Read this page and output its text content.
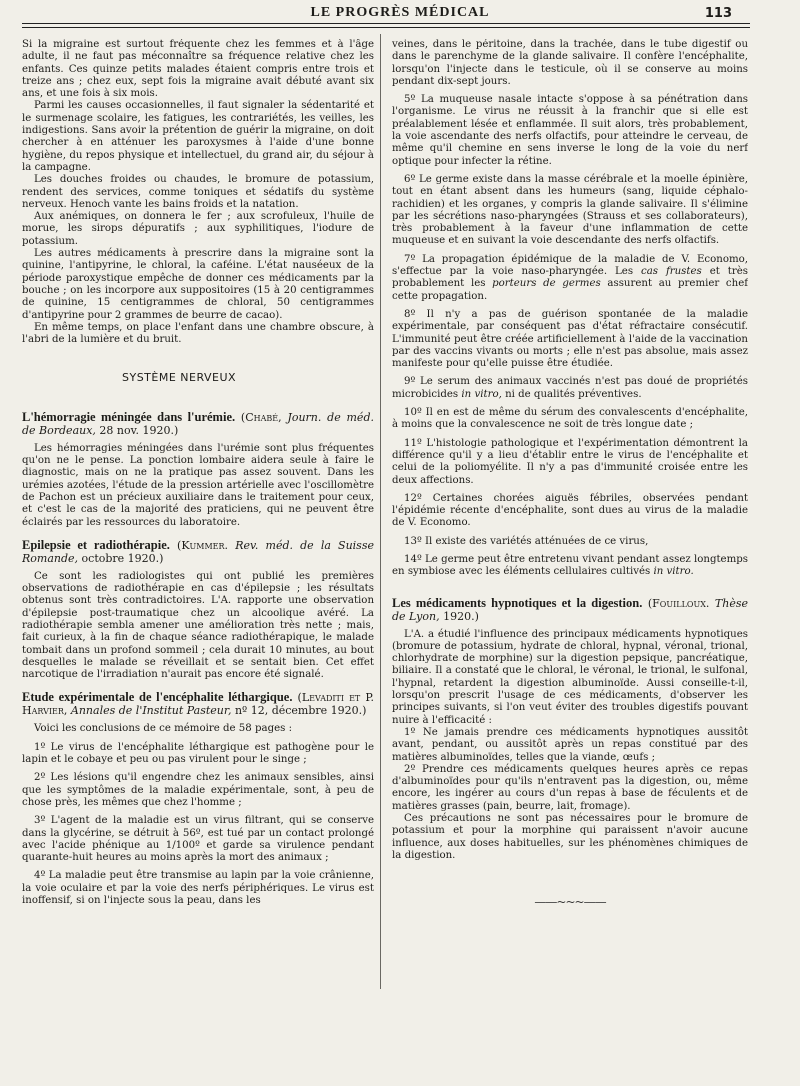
LE PROGRÈS MÉDICAL	113

Si la migraine est surtout fréquente chez les femmes et à l'âge adulte, il ne faut pas méconnaître sa fréquence relative chez les enfants. Ces quinze petits malades étaient compris entre trois et treize ans ; chez eux, sept fois la migraine avait débuté avant six ans, et une fois à six mois.

Parmi les causes occasionnelles, il faut signaler la sédentarité et le surmenage scolaire, les fatigues, les contrariétés, les veilles, les indigestions. Sans avoir la prétention de guérir la migraine, on doit chercher à en atténuer les paroxysmes à l'aide d'une bonne hygiène, du repos physique et intellectuel, du grand air, du séjour à la campagne.

Les douches froides ou chaudes, le bromure de potassium, rendent des services, comme toniques et sédatifs du système nerveux. Henoch vante les bains froids et la natation.

Aux anémiques, on donnera le fer ; aux scrofuleux, l'huile de morue, les sirops dépuratifs ; aux syphilitiques, l'iodure de potassium.

Les autres médicaments à prescrire dans la migraine sont la quinine, l'antipyrine, le chloral, la caféine. L'état nauséeux de la période paroxystique empêche de donner ces médicaments par la bouche ; on les incorpore aux suppositoires (15 à 20 centigrammes de quinine, 15 centigrammes de chloral, 50 centigrammes d'antipyrine pour 2 grammes de beurre de cacao).

En même temps, on place l'enfant dans une chambre obscure, à l'abri de la lumière et du bruit.

SYSTÈME NERVEUX
L'hémorragie méningée dans l'urémie. (Chabé, Journ. de méd. de Bordeaux, 28 nov. 1920.)

Les hémorragies méningées dans l'urémie sont plus fréquentes qu'on ne le pense. La ponction lombaire aidera seule à faire le diagnostic, mais on ne la pratique pas assez souvent. Dans les urémies azotées, l'étude de la pression artérielle avec l'oscillomètre de Pachon est un précieux auxiliaire dans le traitement pour ceux, et c'est le cas de la majorité des praticiens, qui ne peuvent être éclairés par les ressources du laboratoire.

Epilepsie et radiothérapie. (Kummer. Rev. méd. de la Suisse Romande, octobre 1920.)

Ce sont les radiologistes qui ont publié les premières observations de radiothérapie en cas d'épilepsie ; les résultats obtenus sont très contradictoires. L'A. rapporte une observation d'épilepsie post-traumatique chez un alcoolique avéré. La radiothérapie sembla amener une amélioration très nette ; mais, fait curieux, à la fin de chaque séance radiothérapique, le malade tombait dans un profond sommeil ; cela durait 10 minutes, au bout desquelles le malade se réveillait et se sentait bien. Cet effet narcotique de l'irradiation n'aurait pas encore été signalé.

Etude expérimentale de l'encéphalite léthargique. (Levaditi et P. Harvier, Annales de l'Institut Pasteur, nº 12, décembre 1920.)

Voici les conclusions de ce mémoire de 58 pages :

1º Le virus de l'encéphalite léthargique est pathogène pour le lapin et le cobaye et peu ou pas virulent pour le singe ;

2º Les lésions qu'il engendre chez les animaux sensibles, ainsi que les symptômes de la maladie expérimentale, sont, à peu de chose près, les mêmes que chez l'homme ;

3º L'agent de la maladie est un virus filtrant, qui se conserve dans la glycérine, se détruit à 56º, est tué par un contact prolongé avec l'acide phénique au 1/100º et garde sa virulence pendant quarante-huit heures au moins après la mort des animaux ;

4º La maladie peut être transmise au lapin par la voie crânienne, la voie oculaire et par la voie des nerfs périphériques. Le virus est inoffensif, si on l'injecte sous la peau, dans les

veines, dans le péritoine, dans la trachée, dans le tube digestif ou dans le parenchyme de la glande salivaire. Il confère l'encéphalite, lorsqu'on l'injecte dans le testicule, où il se conserve au moins pendant dix-sept jours.

5º La muqueuse nasale intacte s'oppose à sa pénétration dans l'organisme. Le virus ne réussit à la franchir que si elle est préalablement lésée et enflammée. Il suit alors, très probablement, la voie ascendante des nerfs olfactifs, pour atteindre le cerveau, de même qu'il chemine en sens inverse le long de la voie du nerf optique pour infecter la rétine.

6º Le germe existe dans la masse cérébrale et la moelle épinière, tout en étant absent dans les humeurs (sang, liquide céphalo-rachidien) et les organes, y compris la glande salivaire. Il s'élimine par les sécrétions naso-pharyngées (Strauss et ses collaborateurs), très probablement à la faveur d'une inflammation de cette muqueuse et en suivant la voie descendante des nerfs olfactifs.

7º La propagation épidémique de la maladie de V. Economo, s'effectue par la voie naso-pharyngée. Les cas frustes et très probablement les porteurs de germes assurent au premier chef cette propagation.

8º Il n'y a pas de guérison spontanée de la maladie expérimentale, par conséquent pas d'état réfractaire consécutif. L'immunité peut être créée artificiellement à l'aide de la vaccination par des vaccins vivants ou morts ; elle n'est pas absolue, mais assez manifeste pour qu'elle puisse être étudiée.

9º Le serum des animaux vaccinés n'est pas doué de propriétés microbicides in vitro, ni de qualités préventives.

10º Il en est de même du sérum des convalescents d'encéphalite, à moins que la convalescence ne soit de très longue date ;

11º L'histologie pathologique et l'expérimentation démontrent la différence qu'il y a lieu d'établir entre le virus de l'encéphalite et celui de la poliomyélite. Il n'y a pas d'immunité croisée entre les deux affections.

12º Certaines chorées aiguës fébriles, observées pendant l'épidémie récente d'encéphalite, sont dues au virus de la maladie de V. Economo.

13º Il existe des variétés atténuées de ce virus,

14º Le germe peut être entretenu vivant pendant assez longtemps en symbiose avec les éléments cellulaires cultivés in vitro.

Les médicaments hypnotiques et la digestion. (Fouilloux. Thèse de Lyon, 1920.)

L'A. a étudié l'influence des principaux médicaments hypnotiques (bromure de potassium, hydrate de chloral, hypnal, véronal, trional, chlorhydrate de morphine) sur la digestion pepsique, pancréatique, biliaire. Il a constaté que le chloral, le véronal, le trional, le sulfonal, l'hypnal, retardent la digestion albuminoïde. Aussi conseille-t-il, lorsqu'on prescrit l'usage de ces médicaments, d'observer les principes suivants, si l'on veut éviter des troubles digestifs pouvant nuire à l'efficacité :

1º Ne jamais prendre ces médicaments hypnotiques aussitôt avant, pendant, ou aussitôt après un repas constitué par des matières albuminoïdes, telles que la viande, œufs ;

2º Prendre ces médicaments quelques heures après ce repas d'albuminoïdes pour qu'ils n'entravent pas la digestion, ou, même encore, les ingérer au cours d'un repas à base de féculents et de matières grasses (pain, beurre, lait, fromage).

Ces précautions ne sont pas nécessaires pour le bromure de potassium et pour la morphine qui paraissent n'avoir aucune influence, aux doses habituelles, sur les phénomènes chimiques de la digestion.

——~~~——
